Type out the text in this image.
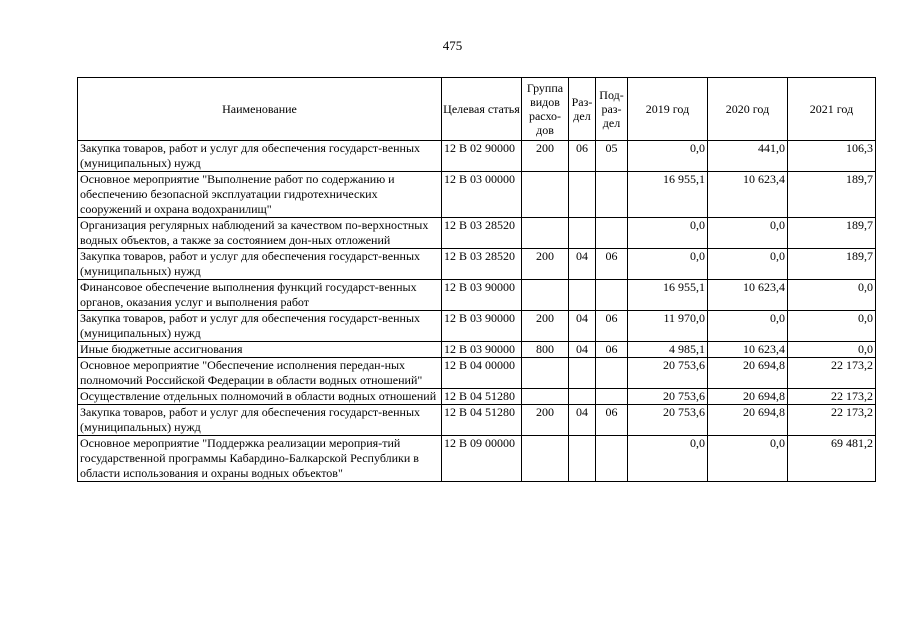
475
Наименование	Целевая статья	Группа видов расхо-дов	Раз-дел	Под-раз-дел	2019 год	2020 год	2021 год
Закупка товаров, работ и услуг для обеспечения государст-венных (муниципальных) нужд	12 В 02 90000	200	06	05	0,0	441,0	106,3
Основное мероприятие "Выполнение работ по содержанию и обеспечению безопасной эксплуатации гидротехнических сооружений и охрана водохранилищ"	12 В 03 00000				16 955,1	10 623,4	189,7
Организация регулярных наблюдений за качеством по-верхностных водных объектов, а также за состоянием дон-ных отложений	12 В 03 28520				0,0	0,0	189,7
Закупка товаров, работ и услуг для обеспечения государст-венных (муниципальных) нужд	12 В 03 28520	200	04	06	0,0	0,0	189,7
Финансовое обеспечение выполнения функций государст-венных органов, оказания услуг и выполнения работ	12 В 03 90000				16 955,1	10 623,4	0,0
Закупка товаров, работ и услуг для обеспечения государст-венных (муниципальных) нужд	12 В 03 90000	200	04	06	11 970,0	0,0	0,0
Иные бюджетные ассигнования	12 В 03 90000	800	04	06	4 985,1	10 623,4	0,0
Основное мероприятие "Обеспечение исполнения передан-ных полномочий Российской Федерации в области водных отношений"	12 В 04 00000				20 753,6	20 694,8	22 173,2
Осуществление отдельных полномочий в области водных отношений	12 В 04 51280				20 753,6	20 694,8	22 173,2
Закупка товаров, работ и услуг для обеспечения государст-венных (муниципальных) нужд	12 В 04 51280	200	04	06	20 753,6	20 694,8	22 173,2
Основное мероприятие "Поддержка реализации мероприя-тий государственной программы Кабардино-Балкарской Республики в области использования и охраны водных объектов"	12 В 09 00000				0,0	0,0	69 481,2
